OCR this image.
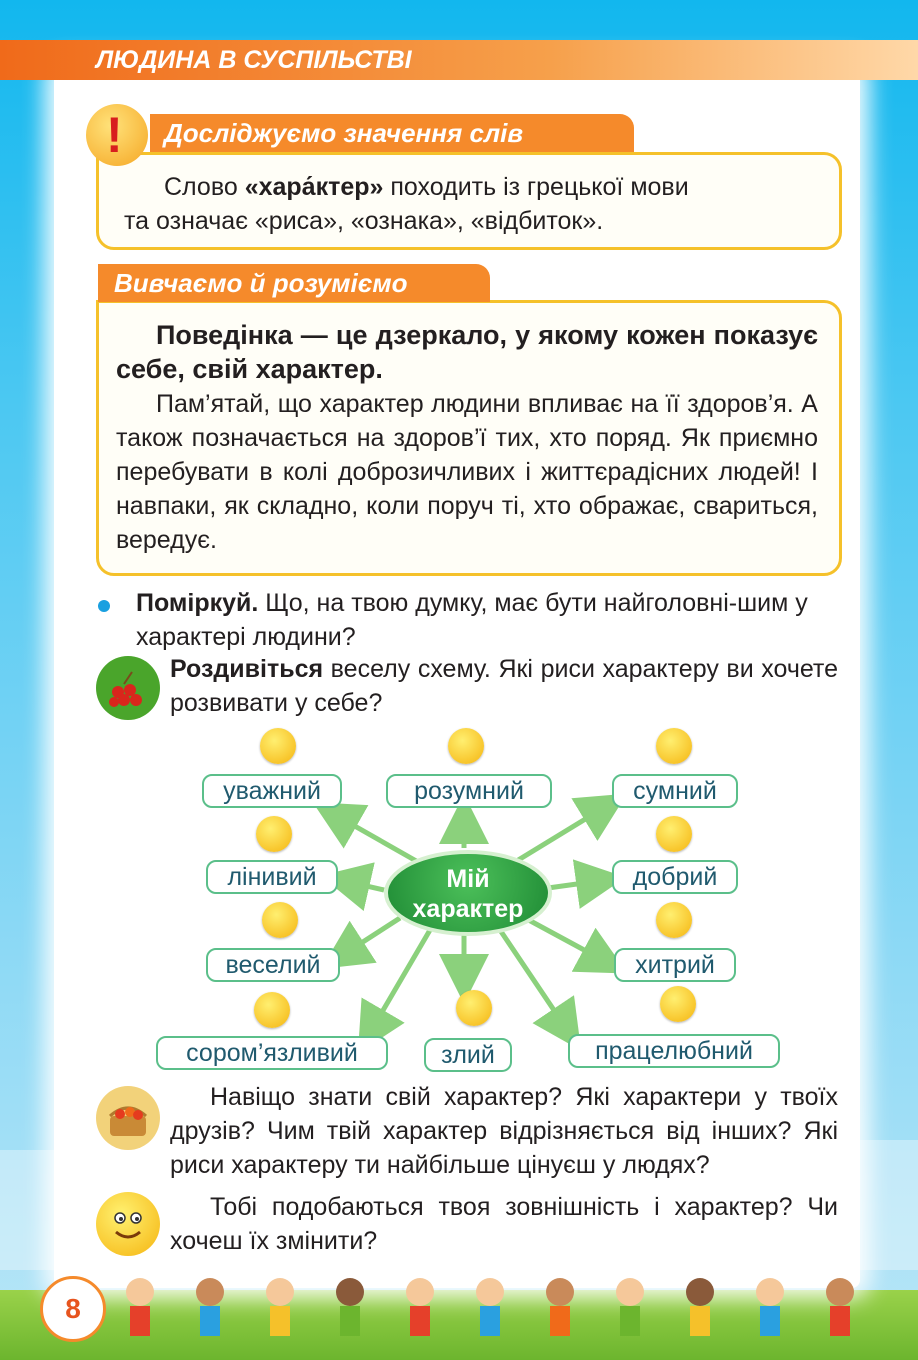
ЛЮДИНА В СУСПІЛЬСТВІ
Досліджуємо значення слів
!
Слово «хара́ктер» походить із грецької мови
та означає «риса», «ознака», «відбиток».
Вивчаємо й розуміємо
Поведінка — це дзеркало, у якому кожен показує себе, свій характер.
Пам’ятай, що характер людини впливає на її здоров’я. А також позначається на здоров’ї тих, хто поряд. Як приємно перебувати в колі доброзичливих і життєрадісних людей! І навпаки, як складно, коли поруч ті, хто ображає, свариться, вередує.
Поміркуй. Що, на твою думку, має бути найголовні-шим у характері людини?
Роздивіться веселу схему. Які риси характеру ви хочете розвивати у себе?
Мій
характер
уважний	розумний	сумний
лінивий	добрий
веселий	хитрий
сором’язливий	злий	працелюбний
Навіщо знати свій характер? Які характери у твоїх друзів? Чим твій характер відрізняється від інших? Які риси характеру ти найбільше цінуєш у людях?
Тобі подобаються твоя зовнішність і характер? Чи хочеш їх змінити?
8
